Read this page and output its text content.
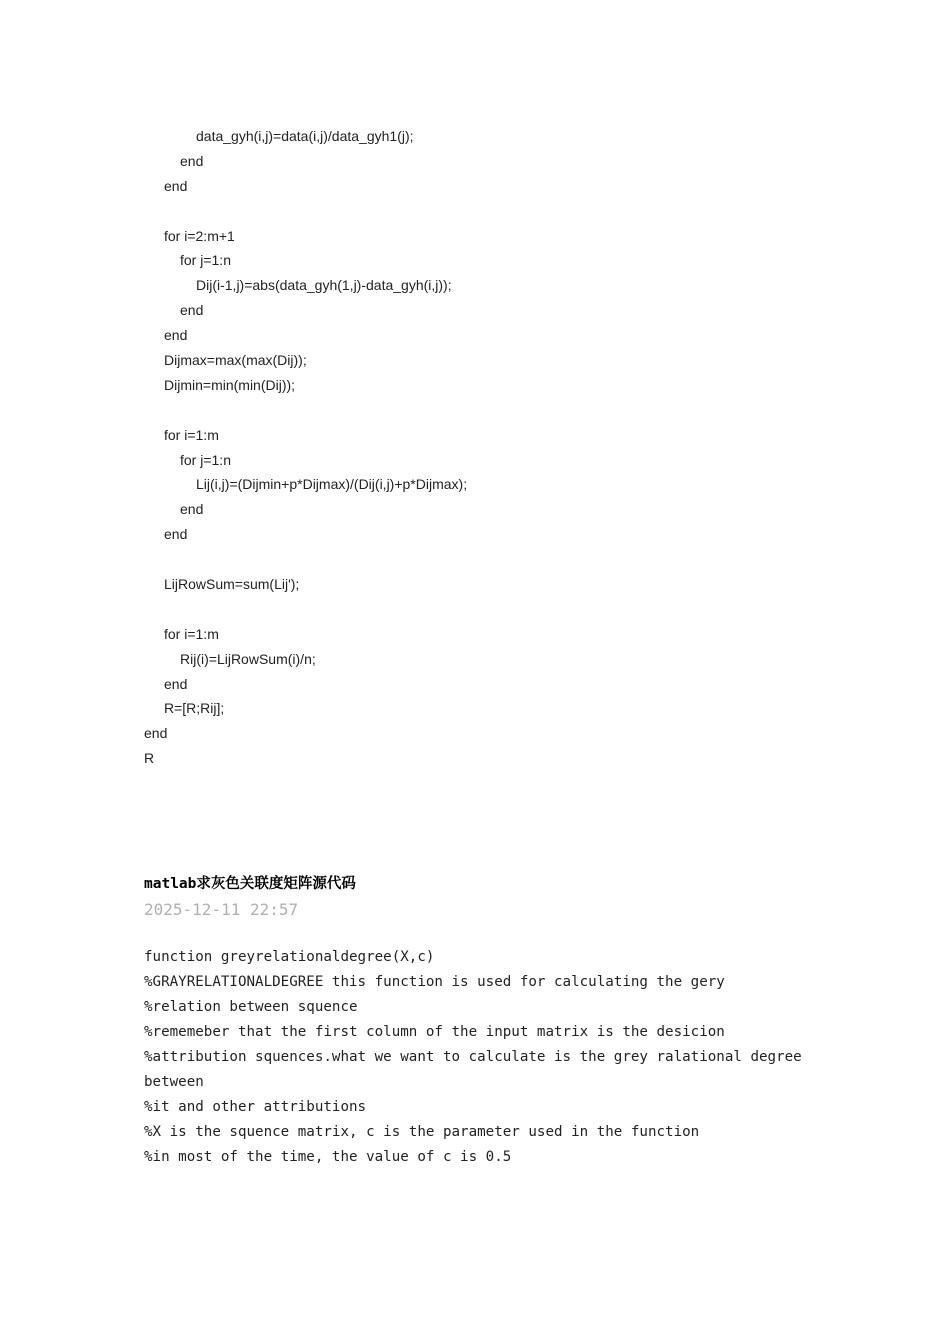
data_gyh(i,j)=data(i,j)/data_gyh1(j);
end
end
for i=2:m+1
for j=1:n
Dij(i-1,j)=abs(data_gyh(1,j)-data_gyh(i,j));
end
end
Dijmax=max(max(Dij));
Dijmin=min(min(Dij));
for i=1:m
for j=1:n
Lij(i,j)=(Dijmin+p*Dijmax)/(Dij(i,j)+p*Dijmax);
end
end
LijRowSum=sum(Lij');
for i=1:m
Rij(i)=LijRowSum(i)/n;
end
R=[R;Rij];
end
R
matlab求灰色关联度矩阵源代码
2025-12-11 22:57
function greyrelationaldegree(X,c)
%GRAYRELATIONALDEGREE this function is used for calculating the gery
%relation between squence
%rememeber that the first column of the input matrix is the desicion
%attribution squences.what we want to calculate is the grey ralational degree
between
%it and other attributions
%X is the squence matrix, c is the parameter used in the function
%in most of the time, the value of c is 0.5
